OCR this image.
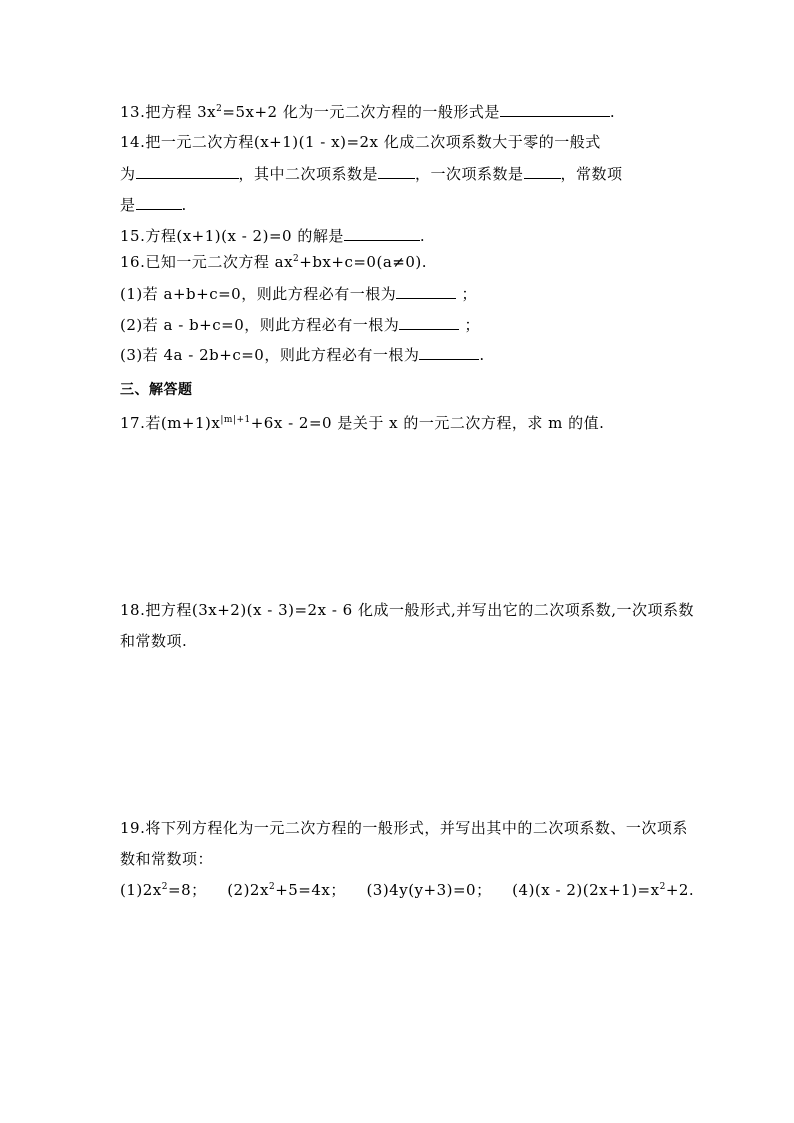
13.把方程 $3x^2=5x+2$ 化为一元二次方程的一般形式是	.
14.把一元二次方程(x+1)(1 - x)=2x 化成二次项系数大于零的一般式
为	，其中二次项系数是 ，一次项系数是 ，常数项
是	.
15.方程(x+1)(x - 2)=0 的解是	.
16.已知一元二次方程 $ax^2+bx+c=0(a\ne 0)$.
(1)若 a+b+c=0，则此方程必有一根为	；
(2)若 a - b+c=0，则此方程必有一根为	；
(3)若 4a - 2b+c=0，则此方程必有一根为	.
三、解答题
17.若$(m+1)x^{|m|+1}+6x - 2=0$ 是关于 x 的一元二次方程，求 m 的值.
18.把方程(3x+2)(x - 3)=2x - 6 化成一般形式,并写出它的二次项系数,一次项系数
和常数项.
19.将下列方程化为一元二次方程的一般形式，并写出其中的二次项系数、一次项系
数和常数项：
$(1)2x^2=8$； $(2)2x^2+5=4x$； (3)4y(y+3)=0； $(4)(x - 2)(2x+1)=x^2+2$.
